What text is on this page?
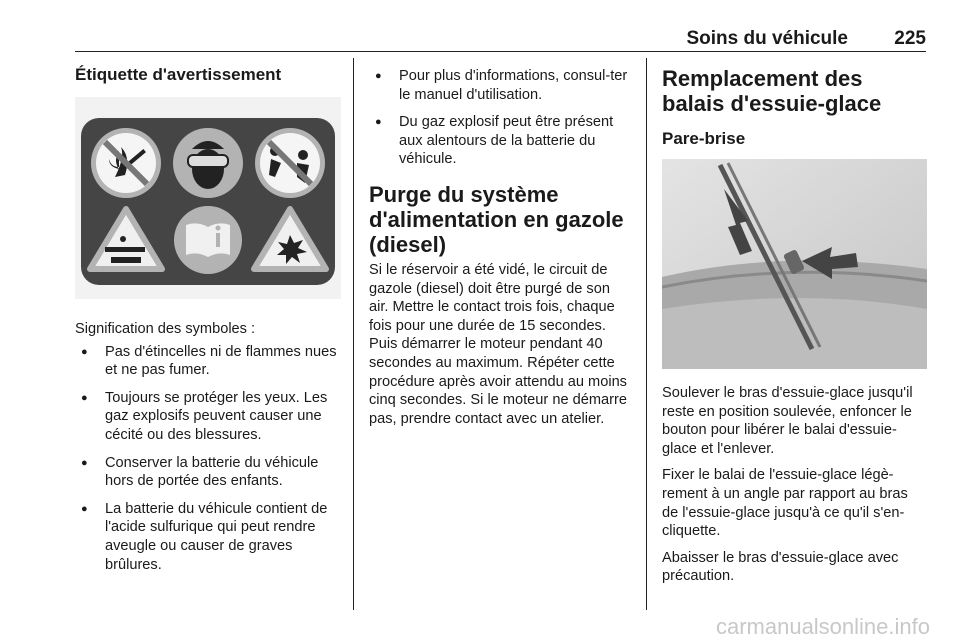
Soins du véhicule 225
Étiquette d'avertissement

Signification des symboles :

● Pas d'étincelles ni de flammes nues et ne pas fumer.
● Toujours se protéger les yeux. Les gaz explosifs peuvent causer une cécité ou des blessures.
● Conserver la batterie du véhicule hors de portée des enfants.
● La batterie du véhicule contient de l'acide sulfurique qui peut rendre aveugle ou causer de graves brûlures.
● Pour plus d'informations, consul-ter le manuel d'utilisation.
● Du gaz explosif peut être présent aux alentours de la batterie du véhicule.
Purge du système d'alimentation en gazole (diesel)

Si le réservoir a été vidé, le circuit de gazole (diesel) doit être purgé de son air. Mettre le contact trois fois, chaque fois pour une durée de 15 secondes. Puis démarrer le moteur pendant 40 secondes au maximum. Répéter cette procédure après avoir attendu au moins cinq secondes. Si le moteur ne démarre pas, prendre contact avec un atelier.

Remplacement des balais d'essuie-glace
Pare-brise

Soulever le bras d'essuie-glace jusqu'il reste en position soulevée, enfoncer le bouton pour libérer le balai d'essuie-glace et l'enlever.

Fixer le balai de l'essuie-glace légè-rement à un angle par rapport au bras de l'essuie-glace jusqu'à ce qu'il s'en-cliquette.

Abaisser le bras d'essuie-glace avec précaution.

carmanualsonline.info
